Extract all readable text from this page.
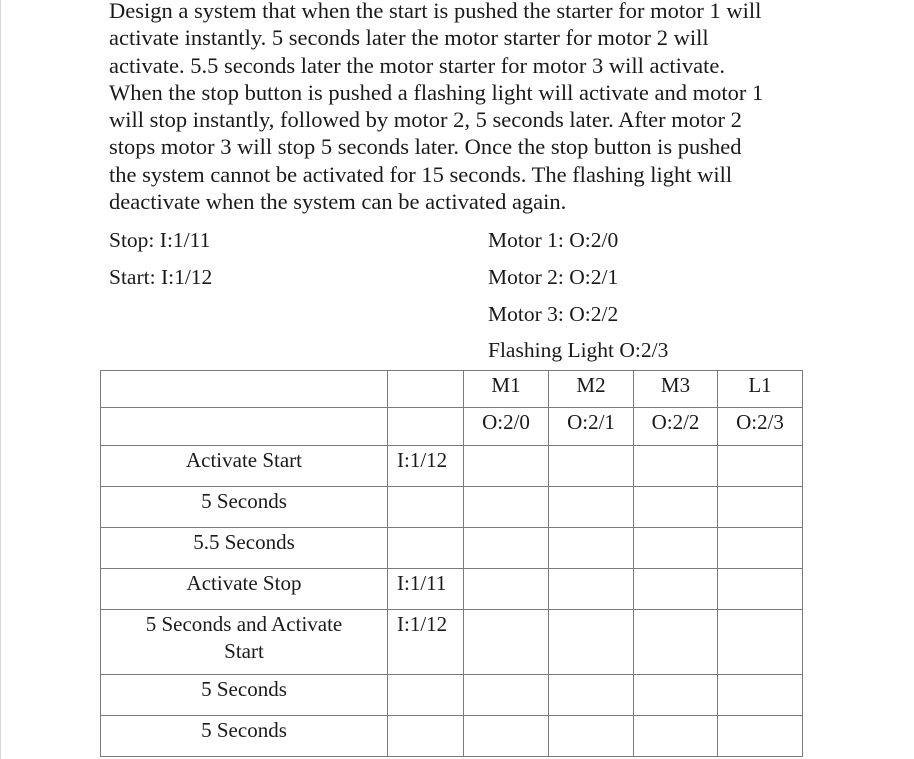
Design a system that when the start is pushed the starter for motor 1 will
activate instantly. 5 seconds later the motor starter for motor 2 will
activate. 5.5 seconds later the motor starter for motor 3 will activate.
When the stop button is pushed a flashing light will activate and motor 1
will stop instantly, followed by motor 2, 5 seconds later. After motor 2
stops motor 3 will stop 5 seconds later. Once the stop button is pushed
the system cannot be activated for 15 seconds. The flashing light will
deactivate when the system can be activated again.
Stop: I:1/11
Start: I:1/12
Motor 1: O:2/0
Motor 2: O:2/1
Motor 3: O:2/2
Flashing Light O:2/3
		M1	M2	M3	L1
		O:2/0	O:2/1	O:2/2	O:2/3
Activate Start	I:1/12				
5 Seconds					
5.5 Seconds					
Activate Stop	I:1/11				
5 Seconds and Activate
Start	I:1/12				
5 Seconds					
5 Seconds					
